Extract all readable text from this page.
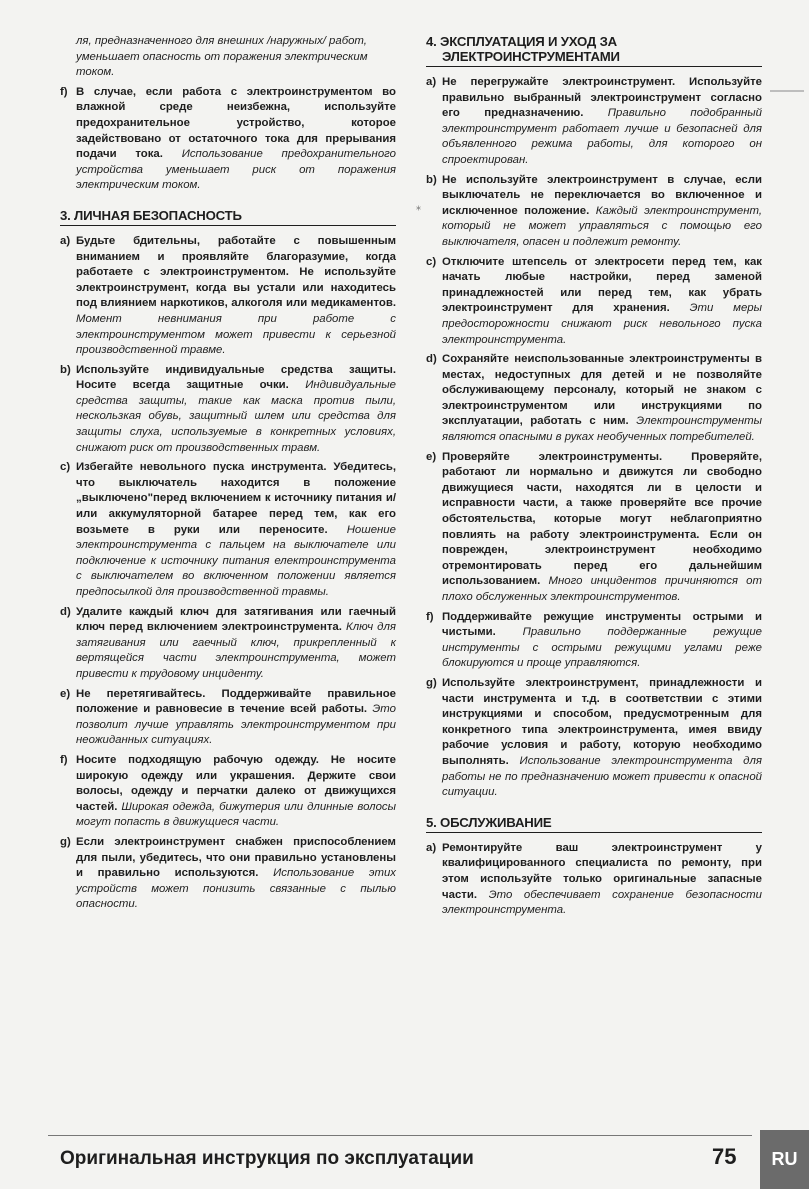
⁎
ля, предназначенного для внешних /наружных/ работ, уменьшает опасность от поражения электрическим током.
f) В случае, если работа с электроинструментом во влажной среде неизбежна, используйте предохранительное устройство, которое задействовано от остаточного тока для прерывания подачи тока. Использование предохранительного устройства уменьшает риск от поражения электрическим током.
3. ЛИЧНАЯ БЕЗОПАСНОСТЬ
a) Будьте бдительны, работайте с повышенным вниманием и проявляйте благоразумие, когда работаете с электроинструментом. Не используйте электроинструмент, когда вы устали или находитесь под влиянием наркотиков, алкоголя или медикаментов. Момент невнимания при работе с электроинструментом может привести к серьезной производственной травме.
b) Используйте индивидуальные средства защиты. Носите всегда защитные очки. Индивидуальные средства защиты, такие как маска против пыли, нескользкая обувь, защитный шлем или средства для защиты слуха, используемые в конкретных условиях, снижают риск от производственных травм.
c) Избегайте невольного пуска инструмента. Убедитесь, что выключатель находится в положение „выключено"перед включением к источнику питания и/или аккумуляторной батарее перед тем, как его возьмете в руки или переносите. Ношение электроинструмента с пальцем на выключателе или подключение к источнику питания електроинструмента с выключателем во включенном положении является предпосылкой для производственной травмы.
d) Удалите каждый ключ для затягивания или гаечный ключ перед включением электроинструмента. Ключ для затягивания или гаечный ключ, прикрепленный к вертящейся части электроинструмента, может привести к трудовому инциденту.
e) Не перетягивайтесь. Поддерживайте правильное положение и равновесие в течение всей работы. Это позволит лучше управлять электроинструментом при неожиданных ситуациях.
f) Носите подходящую рабочую одежду. Не носите широкую одежду или украшения. Держите свои волосы, одежду и перчатки далеко от движущихся частей. Широкая одежда, бижутерия или длинные волосы могут попасть в движущиеся части.
g) Если электроинструмент снабжен приспособлением для пыли, убедитесь, что они правильно установлены и правильно используются. Использование этих устройств может понизить связанные с пылью опасности.
4. ЭКСПЛУАТАЦИЯ И УХОД ЗА
ЭЛЕКТРОИНСТРУМЕНТАМИ
a) Не перегружайте электроинструмент. Используйте правильно выбранный электроинструмент согласно его предназначению. Правильно подобранный электроинструмент работает лучше и безопасней для объявленного режима работы, для которого он спроектирован.
b) Не используйте электроинструмент в случае, если выключатель не переключается во включенное и исключенное положение. Каждый электроинструмент, который не может управляться с помощью его выключателя, опасен и подлежит ремонту.
c) Отключите штепсель от электросети перед тем, как начать любые настройки, перед заменой принадлежностей или перед тем, как убрать электроинструмент для хранения. Эти меры предосторожности снижают риск невольного пуска электроинструмента.
d) Сохраняйте неиспользованные электроинструменты в местах, недоступных для детей и не позволяйте обслуживающему персоналу, который не знаком с электроинструментом или инструкциями по эксплуатации, работать с ним. Электроинструменты являются опасными в руках необученных потребителей.
e) Проверяйте электроинструменты. Проверяйте, работают ли нормально и движутся ли свободно движущиеся части, находятся ли в целости и исправности части, а также проверяйте все прочие обстоятельства, которые могут неблагоприятно повлиять на работу электроинструмента. Если он поврежден, электроинструмент необходимо отремонтировать перед его дальнейшим использованием. Много инцидентов причиняются от плохо обслуженных электроинструментов.
f) Поддерживайте режущие инструменты острыми и чистыми. Правильно поддержанные режущие инструменты с острыми режущими углами реже блокируются и проще управляются.
g) Используйте электроинструмент, принадлежности и части инструмента и т.д. в соответствии с этими инструкциями и способом, предусмотренным для конкретного типа электроинструмента, имея ввиду рабочие условия и работу, которую необходимо выполнять. Использование электроинструмента для работы не по предназначению может привести к опасной ситуации.
5. ОБСЛУЖИВАНИЕ
a) Ремонтируйте ваш электроинструмент у квалифицированного специалиста по ремонту, при этом используйте только оригинальные запасные части. Это обеспечивает сохранение безопасности электроинструмента.
Оригинальная инструкция по эксплуатации	75	RU
